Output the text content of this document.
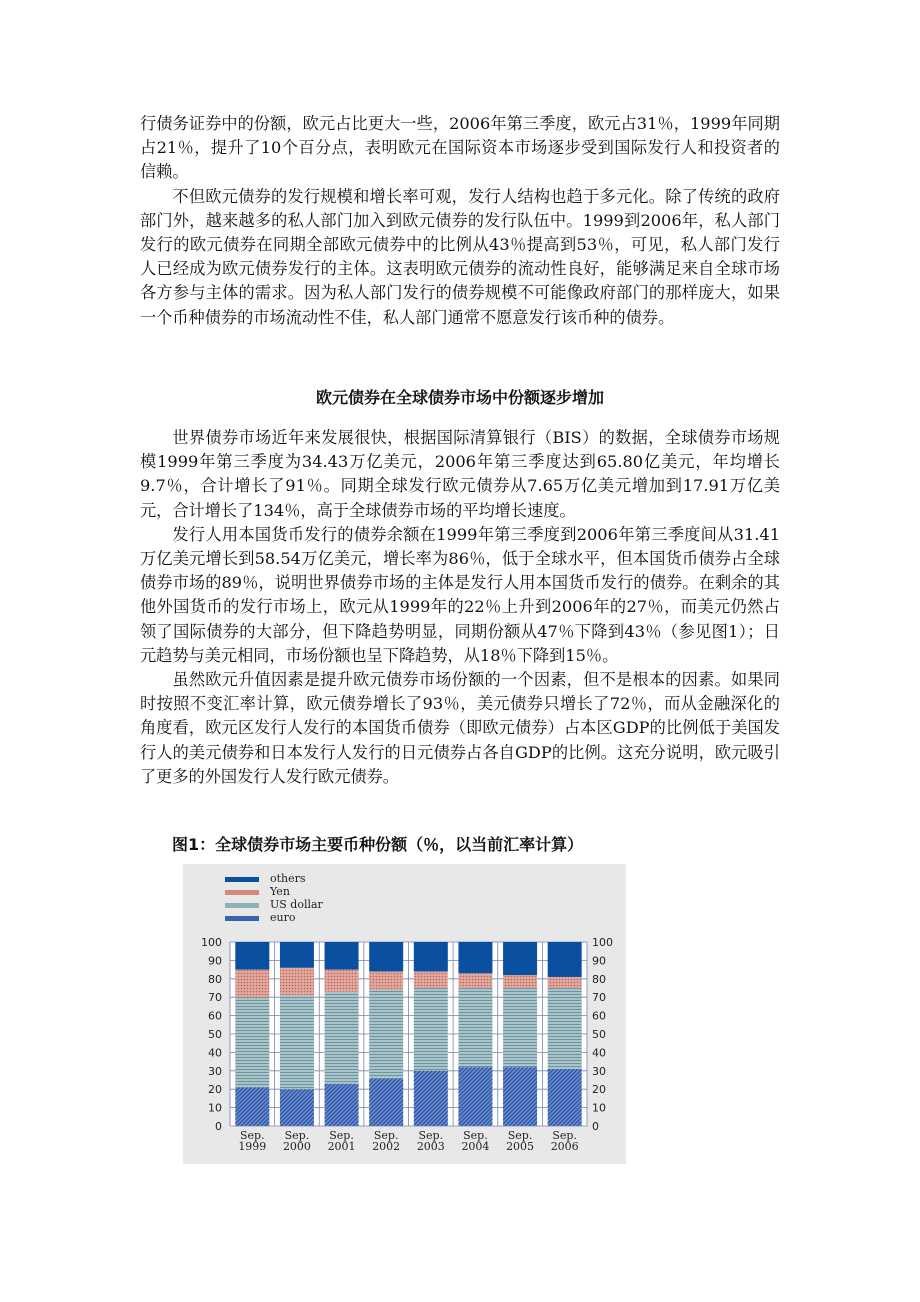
行债务证券中的份额，欧元占比更大一些，2006年第三季度，欧元占31％，1999年同期占21％，提升了10个百分点，表明欧元在国际资本市场逐步受到国际发行人和投资者的信赖。

不但欧元债券的发行规模和增长率可观，发行人结构也趋于多元化。除了传统的政府部门外，越来越多的私人部门加入到欧元债券的发行队伍中。1999到2006年，私人部门发行的欧元债券在同期全部欧元债券中的比例从43％提高到53％，可见，私人部门发行人已经成为欧元债券发行的主体。这表明欧元债券的流动性良好，能够满足来自全球市场各方参与主体的需求。因为私人部门发行的债券规模不可能像政府部门的那样庞大，如果一个币种债券的市场流动性不佳，私人部门通常不愿意发行该币种的债券。

欧元债券在全球债券市场中份额逐步增加

世界债券市场近年来发展很快，根据国际清算银行（BIS）的数据，全球债券市场规模1999年第三季度为34.43万亿美元，2006年第三季度达到65.80亿美元，年均增长9.7％，合计增长了91％。同期全球发行欧元债券从7.65万亿美元增加到17.91万亿美元，合计增长了134％，高于全球债券市场的平均增长速度。

发行人用本国货币发行的债券余额在1999年第三季度到2006年第三季度间从31.41万亿美元增长到58.54万亿美元，增长率为86％，低于全球水平，但本国货币债券占全球债券市场的89％，说明世界债券市场的主体是发行人用本国货币发行的债券。在剩余的其他外国货币的发行市场上，欧元从1999年的22％上升到2006年的27％，而美元仍然占领了国际债券的大部分，但下降趋势明显，同期份额从47％下降到43％（参见图1）；日元趋势与美元相同，市场份额也呈下降趋势，从18％下降到15％。

虽然欧元升值因素是提升欧元债券市场份额的一个因素，但不是根本的因素。如果同时按照不变汇率计算，欧元债券增长了93％，美元债券只增长了72％，而从金融深化的角度看，欧元区发行人发行的本国货币债券（即欧元债券）占本区GDP的比例低于美国发行人的美元债券和日本发行人发行的日元债券占各自GDP的比例。这充分说明，欧元吸引了更多的外国发行人发行欧元债券。

图1：全球债券市场主要币种份额（％，以当前汇率计算）
others
Yen
US dollar
euro
0	0
10	10
20	20
30	30
40	40
50	50
60	60
70	70
80	80
90	90
100	100
Sep. 1999
Sep. 2000
Sep. 2001
Sep. 2002
Sep. 2003
Sep. 2004
Sep. 2005
Sep. 2006
